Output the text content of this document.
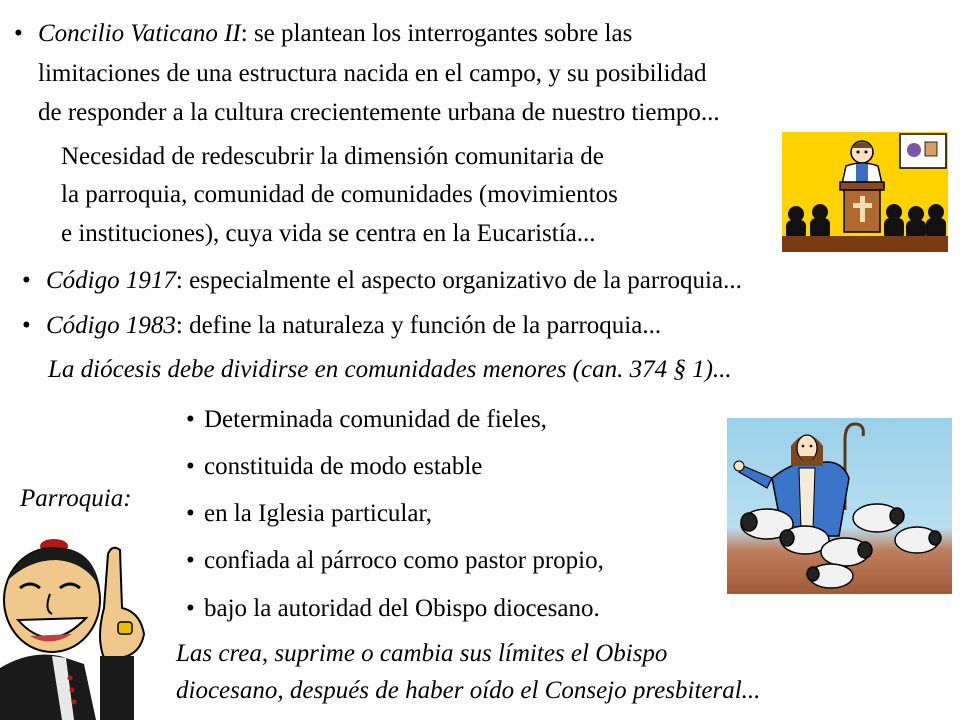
• Concilio Vaticano II: se plantean los interrogantes sobre las
limitaciones de una estructura nacida en el campo, y su posibilidad
de responder a la cultura crecientemente urbana de nuestro tiempo...
Necesidad de redescubrir la dimensión comunitaria de
la parroquia, comunidad de comunidades (movimientos
e instituciones), cuya vida se centra en la Eucaristía...
• Código 1917: especialmente el aspecto organizativo de la parroquia...
• Código 1983: define la naturaleza y función de la parroquia...
La diócesis debe dividirse en comunidades menores (can. 374 § 1)...
• Determinada comunidad de fieles,
• constituida de modo estable
• en la Iglesia particular,
• confiada al párroco como pastor propio,
• bajo la autoridad del Obispo diocesano.
Parroquia:
Las crea, suprime o cambia sus límites el Obispo
diocesano, después de haber oído el Consejo presbiteral...
